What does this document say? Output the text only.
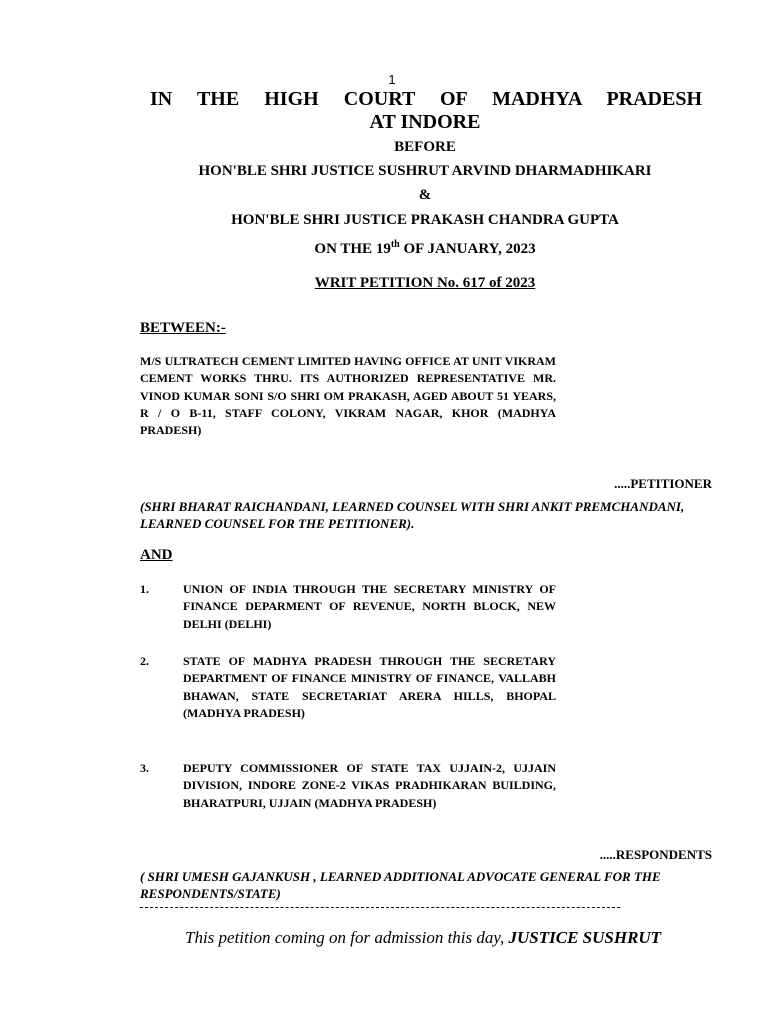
1
IN THE HIGH COURT OF MADHYA PRADESH
AT INDORE
BEFORE
HON'BLE SHRI JUSTICE SUSHRUT ARVIND DHARMADHIKARI
&
HON'BLE SHRI JUSTICE PRAKASH CHANDRA GUPTA
ON THE 19th OF JANUARY, 2023
WRIT PETITION No. 617 of 2023
BETWEEN:-
M/S ULTRATECH CEMENT LIMITED HAVING OFFICE AT UNIT VIKRAM CEMENT WORKS THRU. ITS AUTHORIZED REPRESENTATIVE MR. VINOD KUMAR SONI S/O SHRI OM PRAKASH, AGED ABOUT 51 YEARS, R / O B-11, STAFF COLONY, VIKRAM NAGAR, KHOR (MADHYA PRADESH)
.....PETITIONER
(SHRI BHARAT RAICHANDANI, LEARNED COUNSEL WITH SHRI ANKIT PREMCHANDANI, LEARNED COUNSEL FOR THE PETITIONER).
AND
1.	UNION OF INDIA THROUGH THE SECRETARY MINISTRY OF FINANCE DEPARMENT OF REVENUE, NORTH BLOCK, NEW DELHI (DELHI)
2.	STATE OF MADHYA PRADESH THROUGH THE SECRETARY DEPARTMENT OF FINANCE MINISTRY OF FINANCE, VALLABH BHAWAN, STATE SECRETARIAT ARERA HILLS, BHOPAL (MADHYA PRADESH)
3.	DEPUTY COMMISSIONER OF STATE TAX UJJAIN-2, UJJAIN DIVISION, INDORE ZONE-2 VIKAS PRADHIKARAN BUILDING, BHARATPURI, UJJAIN (MADHYA PRADESH)
.....RESPONDENTS
( SHRI UMESH GAJANKUSH , LEARNED ADDITIONAL ADVOCATE GENERAL FOR THE RESPONDENTS/STATE)
This petition coming on for admission this day, JUSTICE SUSHRUT
